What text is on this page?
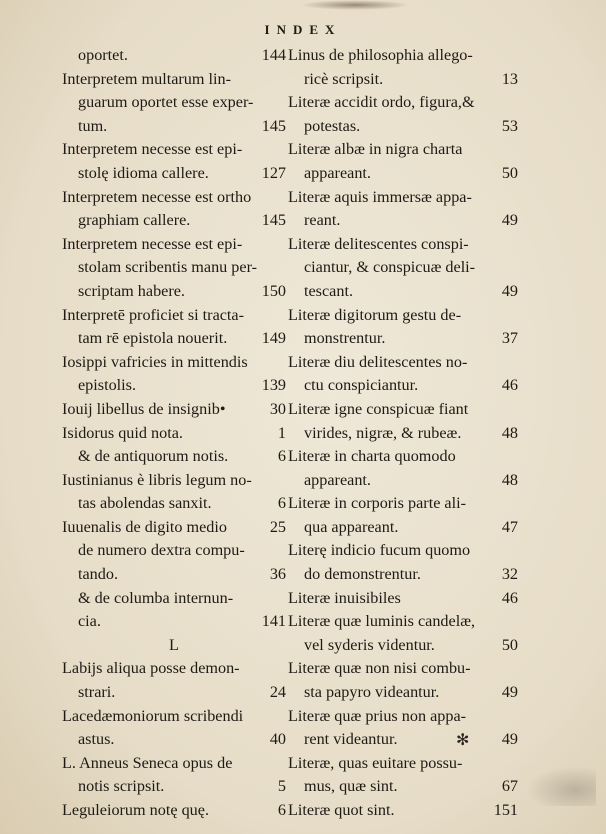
INDEX
oportet.	144
Interpretem multarum lin-
guarum oportet esse exper-
tum.	145
Interpretem necesse est epi-
stolę idioma callere.	127
Interpretem necesse est ortho
graphiam callere.	145
Interpretem necesse est epi-
stolam scribentis manu per-
scriptam habere.	150
Interpretē proficiet si tracta-
tam rē epistola nouerit. 149
Iosippi vafricies in mittendis
epistolis.	139
Iouij libellus de insignib•	30
Isidorus quid nota.	1
& de antiquorum notis.	6
Iustinianus è libris legum no-
tas abolendas sanxit.	6
Iuuenalis de digito medio	25
de numero dextra compu-
tando.	36
& de columba internun-
cia.	141
L
Labijs aliqua posse demon-
strari.	24
Lacedæmoniorum scribendi
astus.	40
L. Anneus Seneca opus de
notis scripsit.	5
Leguleiorum notę quę.	6
Linus de philosophia allego-
ricè scripsit.	13
Literæ accidit ordo, figura,&
potestas.	53
Literæ albæ in nigra charta
appareant.	50
Literæ aquis immersæ appa-
reant.	49
Literæ delitescentes conspi-
ciantur, & conspicuæ deli-
tescant.	49
Literæ digitorum gestu de-
monstrentur.	37
Literæ diu delitescentes no-
ctu conspiciantur.	46
Literæ igne conspicuæ fiant
virides, nigræ, & rubeæ. 48
Literæ in charta quomodo
appareant.	48
Literæ in corporis parte ali-
qua appareant.	47
Literę indicio fucum quomo
do demonstrentur.	32
Literæ inuisibiles	46
Literæ quæ luminis candelæ,
vel syderis videntur.	50
Literæ quæ non nisi combu-
sta papyro videantur.	49
Literæ quæ prius non appa-
rent videantur.	49
Literæ, quas euitare possu-
mus, quæ sint.	67
Literæ quot sint.	151
✻
